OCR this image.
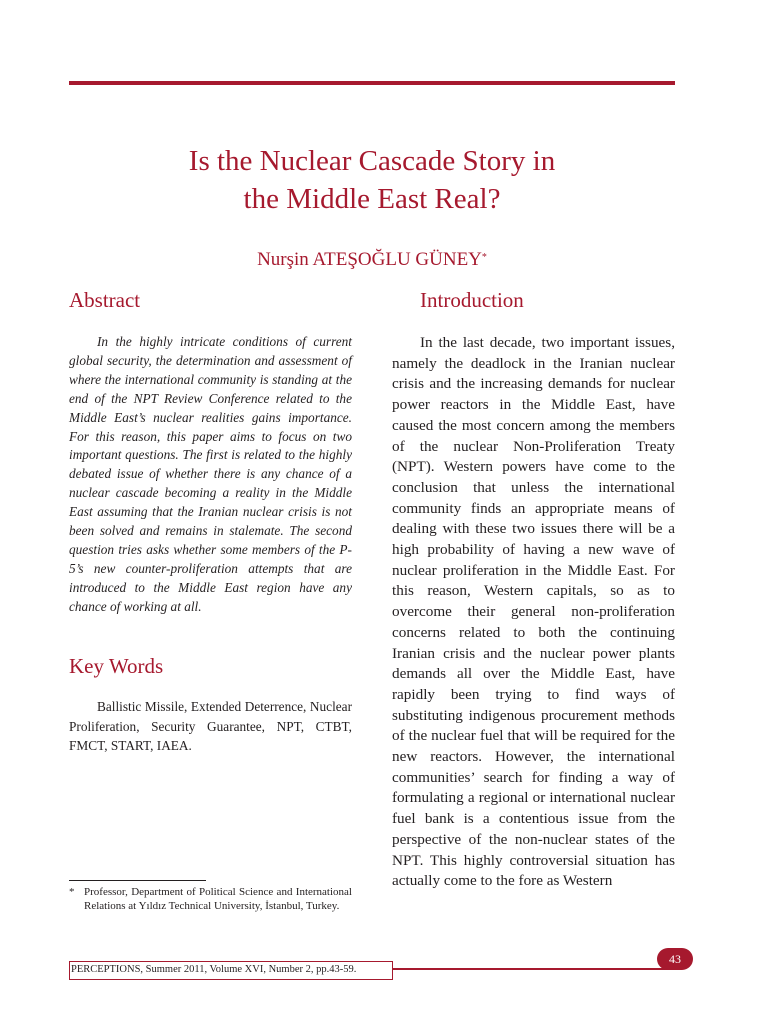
Is the Nuclear Cascade Story in
the Middle East Real?
Nurşin ATEŞOĞLU GÜNEY*
Abstract

In the highly intricate conditions of current global security, the determination and assessment of where the international community is standing at the end of the NPT Review Conference related to the Middle East’s nuclear realities gains importance. For this reason, this paper aims to focus on two important questions. The first is related to the highly debated issue of whether there is any chance of a nuclear cascade becoming a reality in the Middle East assuming that the Iranian nuclear crisis is not been solved and remains in stalemate. The second question tries asks whether some members of the P-5’s new counter-proliferation attempts that are introduced to the Middle East region have any chance of working at all.

Key Words

Ballistic Missile, Extended Deterrence, Nuclear Proliferation, Security Guarantee, NPT, CTBT, FMCT, START, IAEA.

Introduction

In the last decade, two important issues, namely the deadlock in the Iranian nuclear crisis and the increasing demands for nuclear power reactors in the Middle East, have caused the most concern among the members of the nuclear Non-Proliferation Treaty (NPT). Western powers have come to the conclusion that unless the international community finds an appropriate means of dealing with these two issues there will be a high probability of having a new wave of nuclear proliferation in the Middle East. For this reason, Western capitals, so as to overcome their general non-proliferation concerns related to both the continuing Iranian crisis and the nuclear power plants demands all over the Middle East, have rapidly been trying to find ways of substituting indigenous procurement methods of the nuclear fuel that will be required for the new reactors. However, the international communities’ search for finding a way of formulating a regional or international nuclear fuel bank is a contentious issue from the perspective of the non-nuclear states of the NPT. This highly controversial situation has actually come to the fore as Western

* Professor, Department of Political Science and International Relations at Yıldız Technical University, İstanbul, Turkey.

PERCEPTIONS, Summer 2011, Volume XVI, Number 2, pp.43-59.
43
